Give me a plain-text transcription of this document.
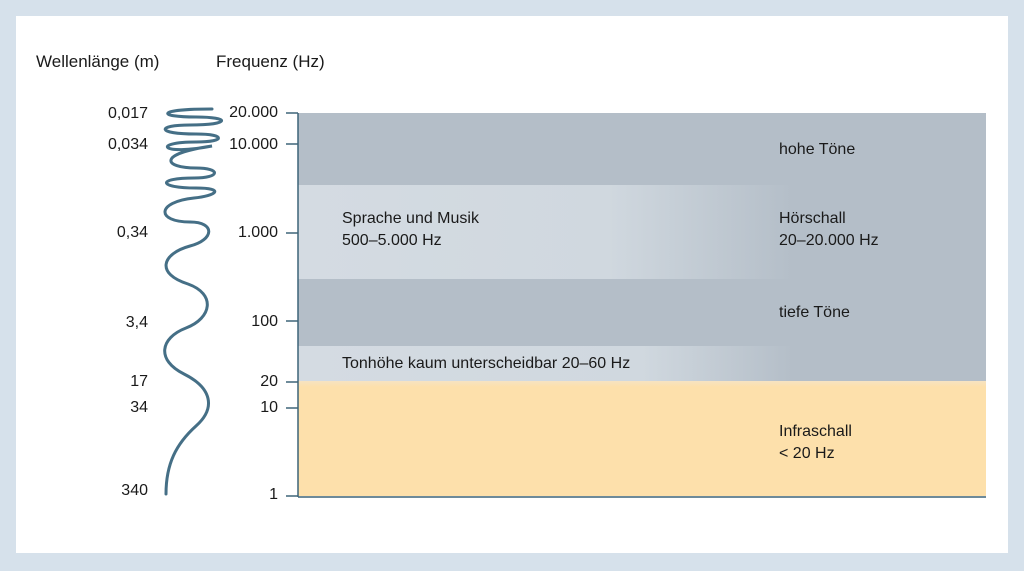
Wellenlänge (m)	Frequenz (Hz)
0,017
0,034
0,34
3,4
17
34
340
20.000
10.000
1.000
100
20
10
1
hohe Töne
Sprache und Musik
500–5.000 Hz
Hörschall
20–20.000 Hz
tiefe Töne
Tonhöhe kaum unterscheidbar 20–60 Hz
Infraschall
< 20 Hz
